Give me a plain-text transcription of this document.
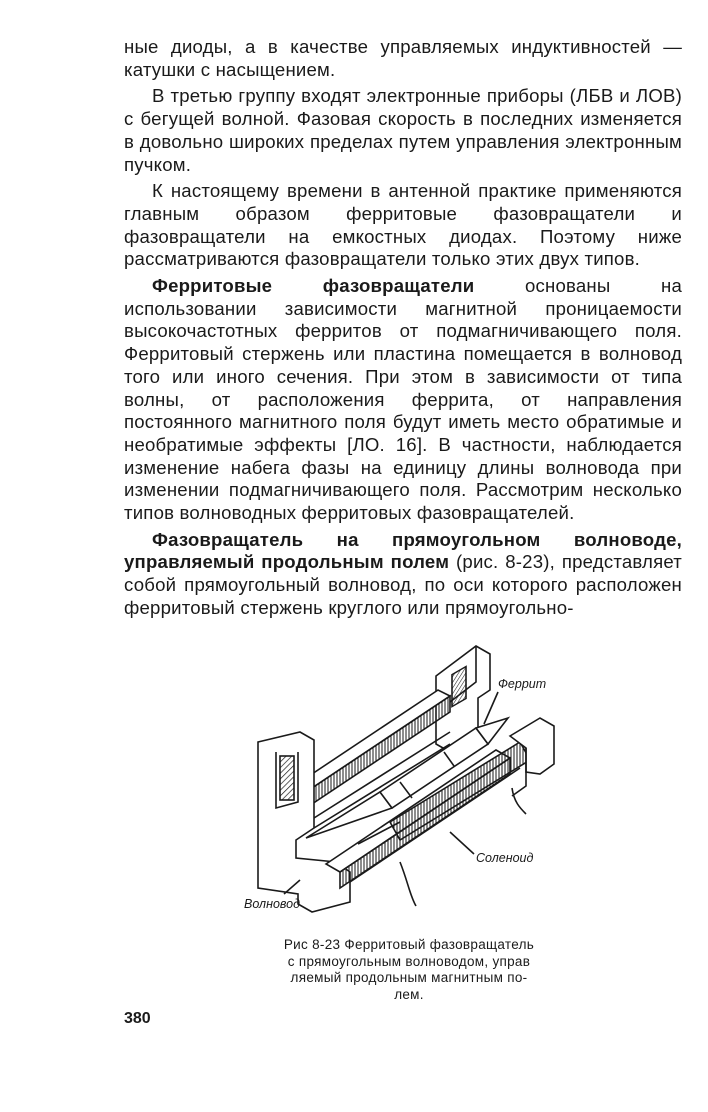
ные диоды, а в качестве управляемых индуктивностей — катушки с насыщением.

В третью группу входят электронные приборы (ЛБВ и ЛОВ) с бегущей волной. Фазовая скорость в последних изменяется в довольно широких пределах путем управления электронным пучком.

К настоящему времени в антенной практике применяются главным образом ферритовые фазовращатели и фазовращатели на емкостных диодах. Поэтому ниже рассматриваются фазовращатели только этих двух типов.

Ферритовые фазовращатели основаны на использовании зависимости магнитной проницаемости высокочастотных ферритов от подмагничивающего поля. Ферритовый стержень или пластина помещается в волновод того или иного сечения. При этом в зависимости от типа волны, от расположения феррита, от направления постоянного магнитного поля будут иметь место обратимые и необратимые эффекты [ЛО. 16]. В частности, наблюдается изменение набега фазы на единицу длины волновода при изменении подмагничивающего поля. Рассмотрим несколько типов волноводных ферритовых фазовращателей.

Фазовращатель на прямоугольном волноводе, управляемый продольным полем (рис. 8-23), представляет собой прямоугольный волновод, по оси которого расположен ферритовый стержень круглого или прямоугольно-

Феррит
Соленоид
Волновод
Рис 8-23 Ферритовый фазовращатель
с прямоугольным волноводом, управ
ляемый продольным магнитным по-
лем.
380
